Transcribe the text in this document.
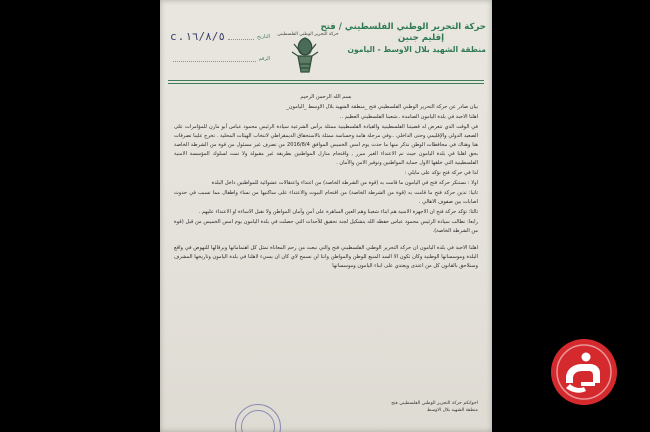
التاريخ
c.١٦/٨/٥
الرقم
حركة التحرير الوطني الفلسطيني
حركة التحرير الوطني الفلسطيني / فتح
إقليم جنين
منطقة الشهيد بلال الاوسط - اليامون

بسم الله الرحمن الرحيم

بيان صادر عن حركة التحرير الوطني الفلسطيني فتح _منطقة الشهيد بلال الاوسط _اليامون_

اهلنا الاحبة في بلدة اليامون الصامدة ..شعبنا الفلسطيني العظيم ..

في الوقت الذي تتعرض له قضيتنا الفلسطينية والقيادة الفلسطينية ممثلة برأس الشرعية سيادة الرئيس محمود عباس أبو مازن للمؤامرات على الصعيد الدولي والإقليمي وحتى الداخلي ..وفي مرحلة هامة وحساسة ممثلة بالاستحقاق الديمقراطي لانتخاب الهيئات المحلية . تخرج علينا تصرفات هنا وهناك في محافظات الوطن نذكر منها ما حدث يوم امس الخميس الموافق 2016/8/4 من تصرف غير مسئول من قوة من الشرطة الخاصة بحق اهلنا في بلدة اليامون حيث تم الاعتداء الغير مبرر , واقتحام منازل المواطنين بطريقة غير مقبولة ولا تمت لسلوك المؤسسة الامنية الفلسطينية التي خلقها الاول حماية المواطنين وتوفير الامن والأمان .

لذا في حركة فتح نؤكد على مايلي :

اولا : نستنكر حركة فتح في اليامون ما قامت به (قوة من الشرطة الخاصة) من اعتداء واعتقالات عشوائية للمواطنين داخل البلدة

ثانيا: تدين حركة فتح ما قامت به (قوة من الشرطة الخاصة) من اقتحام البيوت والاعتداء على ساكنيها من نساء واطفال مما تسبب في حدوث اصابات بين صفوف الاهالي .

ثالثا: تؤكد حركة فتح ان الاجهزة الامنية هم ابناء شعبنا وهم العين الساهرة على أمن وأمان المواطن ولا نقبل الاساءة او الاعتداء عليهم .

رابعا: نطالب سيادة الرئيس محمود عباس حفظه الله بتشكيل لجنة تحقيق للأحداث التي حصلت في بلدة اليامون يوم امس الخميس من قبل (قوة من الشرطة الخاصة).

اهلنا الاحبة في بلدة اليامون ان حركة التحرير الوطني الفلسطيني فتح والتي نبعت من رحم المعاناة تمثل كل اهتماماتها وبرقالها للنهوض في واقع البلدة وموسساتها الوطنية وكان تكون الا السد المنيع للوطن والمواطن وانتا لن نسمح لاي كان ان يسيء لاهلنا في بلدة اليامون وتاريخها المشرف وسنلاحق بالقانون كل من اعتدى ويعتدي على ابناء اليامون وموسساتها

اخوانكم حركة التحرير الوطني الفلسطيني فتح
منطقة الشهيد بلال الاوسط
